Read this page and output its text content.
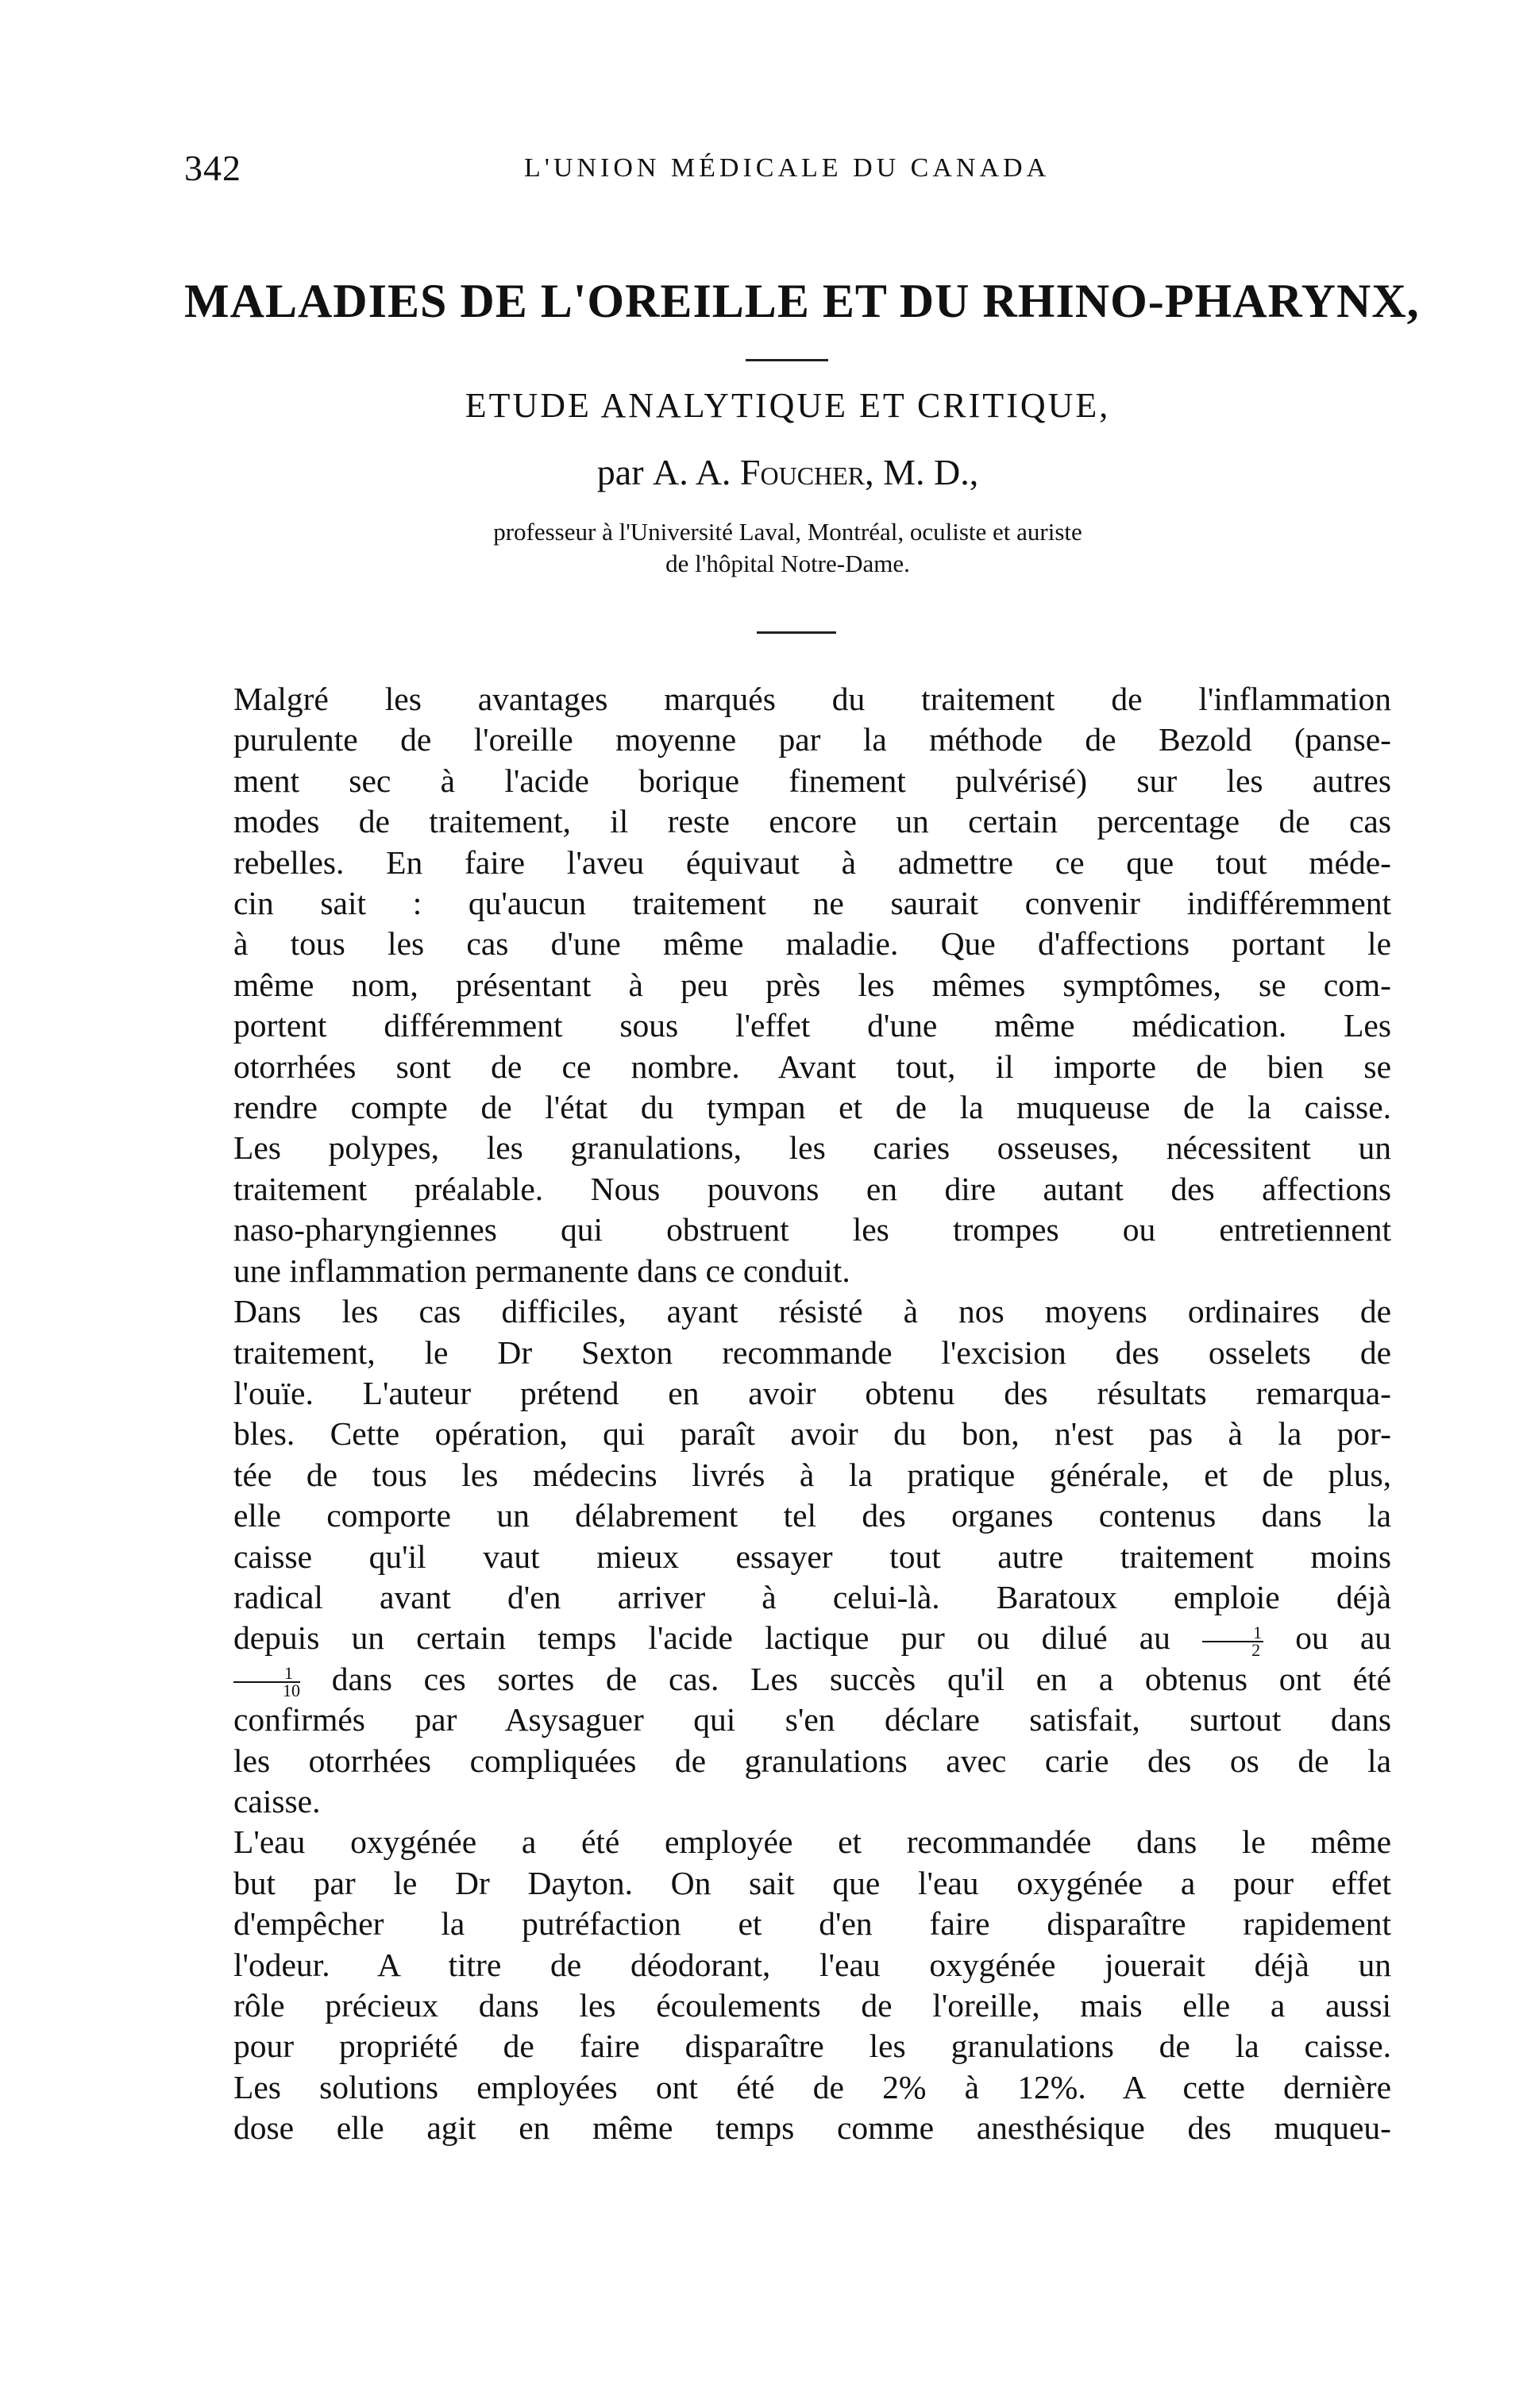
342	L'UNION MÉDICALE DU CANADA
MALADIES DE L'OREILLE ET DU RHINO-PHARYNX,
ETUDE ANALYTIQUE ET CRITIQUE,
par A. A. Foucher, M. D.,
professeur à l'Université Laval, Montréal, oculiste et auriste
de l'hôpital Notre-Dame.

Malgré les avantages marqués du traitement de l'inflammation
purulente de l'oreille moyenne par la méthode de Bezold (panse-
ment sec à l'acide borique finement pulvérisé) sur les autres
modes de traitement, il reste encore un certain percentage de cas
rebelles. En faire l'aveu équivaut à admettre ce que tout méde-
cin sait : qu'aucun traitement ne saurait convenir indifféremment
à tous les cas d'une même maladie. Que d'affections portant le
même nom, présentant à peu près les mêmes symptômes, se com-
portent différemment sous l'effet d'une même médication. Les
otorrhées sont de ce nombre. Avant tout, il importe de bien se
rendre compte de l'état du tympan et de la muqueuse de la caisse.
Les polypes, les granulations, les caries osseuses, nécessitent un
traitement préalable. Nous pouvons en dire autant des affections
naso-pharyngiennes qui obstruent les trompes ou entretiennent
une inflammation permanente dans ce conduit.

Dans les cas difficiles, ayant résisté à nos moyens ordinaires de
traitement, le Dr Sexton recommande l'excision des osselets de
l'ouïe. L'auteur prétend en avoir obtenu des résultats remarqua-
bles. Cette opération, qui paraît avoir du bon, n'est pas à la por-
tée de tous les médecins livrés à la pratique générale, et de plus,
elle comporte un délabrement tel des organes contenus dans la
caisse qu'il vaut mieux essayer tout autre traitement moins
radical avant d'en arriver à celui-là. Baratoux emploie déjà
depuis un certain temps l'acide lactique pur ou dilué au $\frac{1}{2}$ ou au
$\frac{1}{10}$ dans ces sortes de cas. Les succès qu'il en a obtenus ont été
confirmés par Asysaguer qui s'en déclare satisfait, surtout dans
les otorrhées compliquées de granulations avec carie des os de la
caisse.

L'eau oxygénée a été employée et recommandée dans le même
but par le Dr Dayton. On sait que l'eau oxygénée a pour effet
d'empêcher la putréfaction et d'en faire disparaître rapidement
l'odeur. A titre de déodorant, l'eau oxygénée jouerait déjà un
rôle précieux dans les écoulements de l'oreille, mais elle a aussi
pour propriété de faire disparaître les granulations de la caisse.
Les solutions employées ont été de 2% à 12%. A cette dernière
dose elle agit en même temps comme anesthésique des muqueu-
